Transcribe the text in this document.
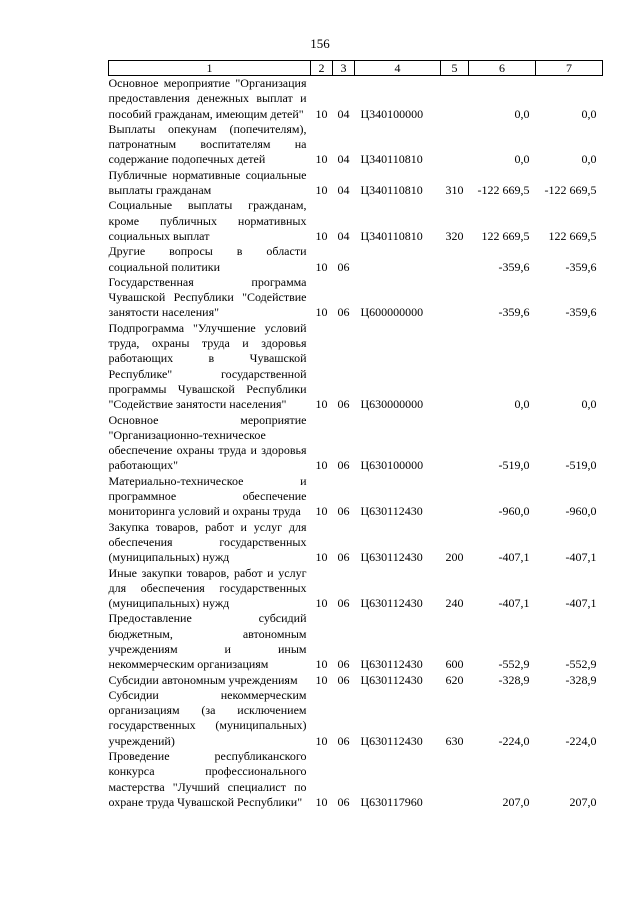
156
1	2	3	4	5	6	7
Основное мероприятие "Организация предоставления денежных выплат и пособий гражданам, имеющим детей"	10	04	Ц340100000		0,0	0,0
Выплаты опекунам (попечителям), патронатным воспитателям на содержание подопечных детей	10	04	Ц340110810		0,0	0,0
Публичные нормативные социальные выплаты гражданам	10	04	Ц340110810	310	-122 669,5	-122 669,5
Социальные выплаты гражданам, кроме публичных нормативных социальных выплат	10	04	Ц340110810	320	122 669,5	122 669,5
Другие вопросы в области социальной политики	10	06			-359,6	-359,6
Государственная программа Чувашской Республики "Содействие занятости населения"	10	06	Ц600000000		-359,6	-359,6
Подпрограмма "Улучшение условий труда, охраны труда и здоровья работающих в Чувашской Республике" государственной программы Чувашской Республики "Содействие занятости населения"	10	06	Ц630000000		0,0	0,0
Основное мероприятие "Организационно-техническое обеспечение охраны труда и здоровья работающих"	10	06	Ц630100000		-519,0	-519,0
Материально-техническое и программное обеспечение мониторинга условий и охраны труда	10	06	Ц630112430		-960,0	-960,0
Закупка товаров, работ и услуг для обеспечения государственных (муниципальных) нужд	10	06	Ц630112430	200	-407,1	-407,1
Иные закупки товаров, работ и услуг для обеспечения государственных (муниципальных) нужд	10	06	Ц630112430	240	-407,1	-407,1
Предоставление субсидий бюджетным, автономным учреждениям и иным некоммерческим организациям	10	06	Ц630112430	600	-552,9	-552,9
Субсидии автономным учреждениям	10	06	Ц630112430	620	-328,9	-328,9
Субсидии некоммерческим организациям (за исключением государственных (муниципальных) учреждений)	10	06	Ц630112430	630	-224,0	-224,0
Проведение республиканского конкурса профессионального мастерства "Лучший специалист по охране труда Чувашской Республики"	10	06	Ц630117960		207,0	207,0
